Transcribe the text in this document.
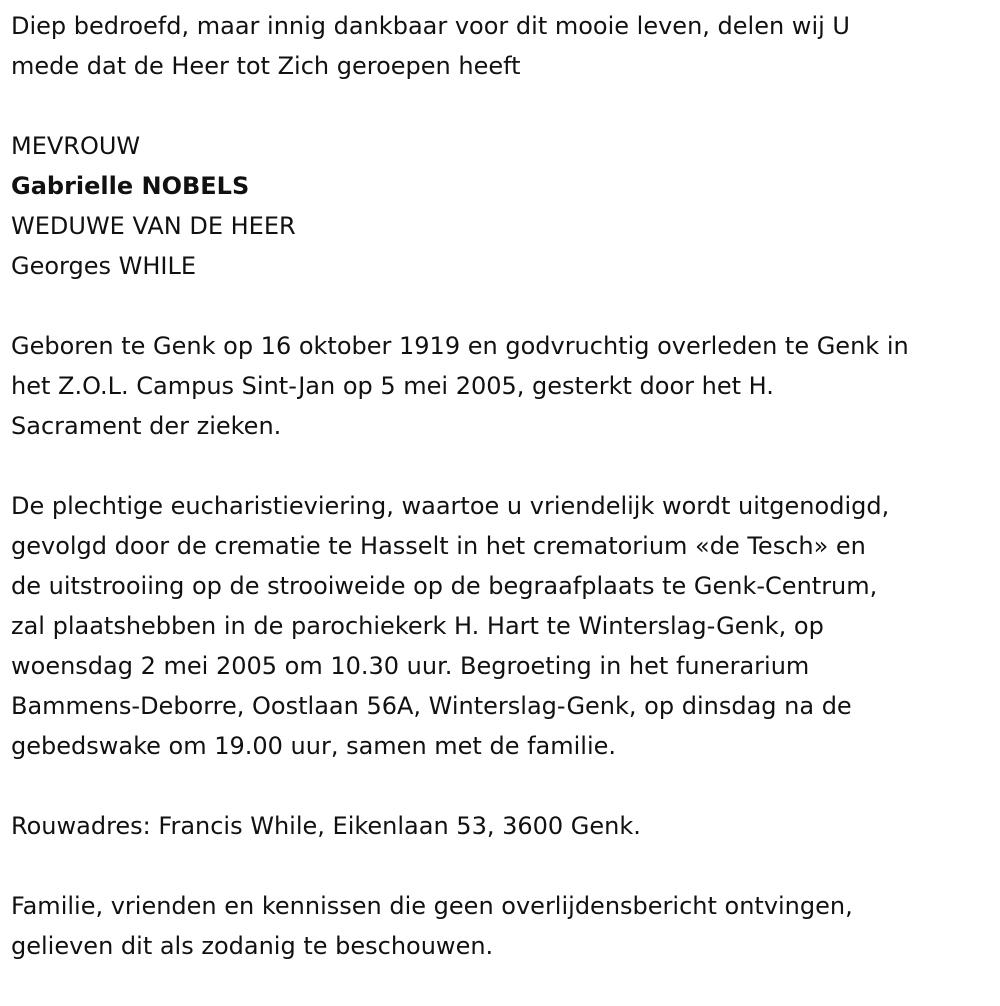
Diep bedroefd, maar innig dankbaar voor dit mooie leven, delen wij U

mede dat de Heer tot Zich geroepen heeft

MEVROUW

Gabrielle NOBELS

WEDUWE VAN DE HEER

Georges WHILE

Geboren te Genk op 16 oktober 1919 en godvruchtig overleden te Genk in

het Z.O.L. Campus Sint-Jan op 5 mei 2005, gesterkt door het H.

Sacrament der zieken.

De plechtige eucharistieviering, waartoe u vriendelijk wordt uitgenodigd,

gevolgd door de crematie te Hasselt in het crematorium «de Tesch» en

de uitstrooiing op de strooiweide op de begraafplaats te Genk-Centrum,

zal plaatshebben in de parochiekerk H. Hart te Winterslag-Genk, op

woensdag 2 mei 2005 om 10.30 uur. Begroeting in het funerarium

Bammens-Deborre, Oostlaan 56A, Winterslag-Genk, op dinsdag na de

gebedswake om 19.00 uur, samen met de familie.

Rouwadres: Francis While, Eikenlaan 53, 3600 Genk.

Familie, vrienden en kennissen die geen overlijdensbericht ontvingen,

gelieven dit als zodanig te beschouwen.
